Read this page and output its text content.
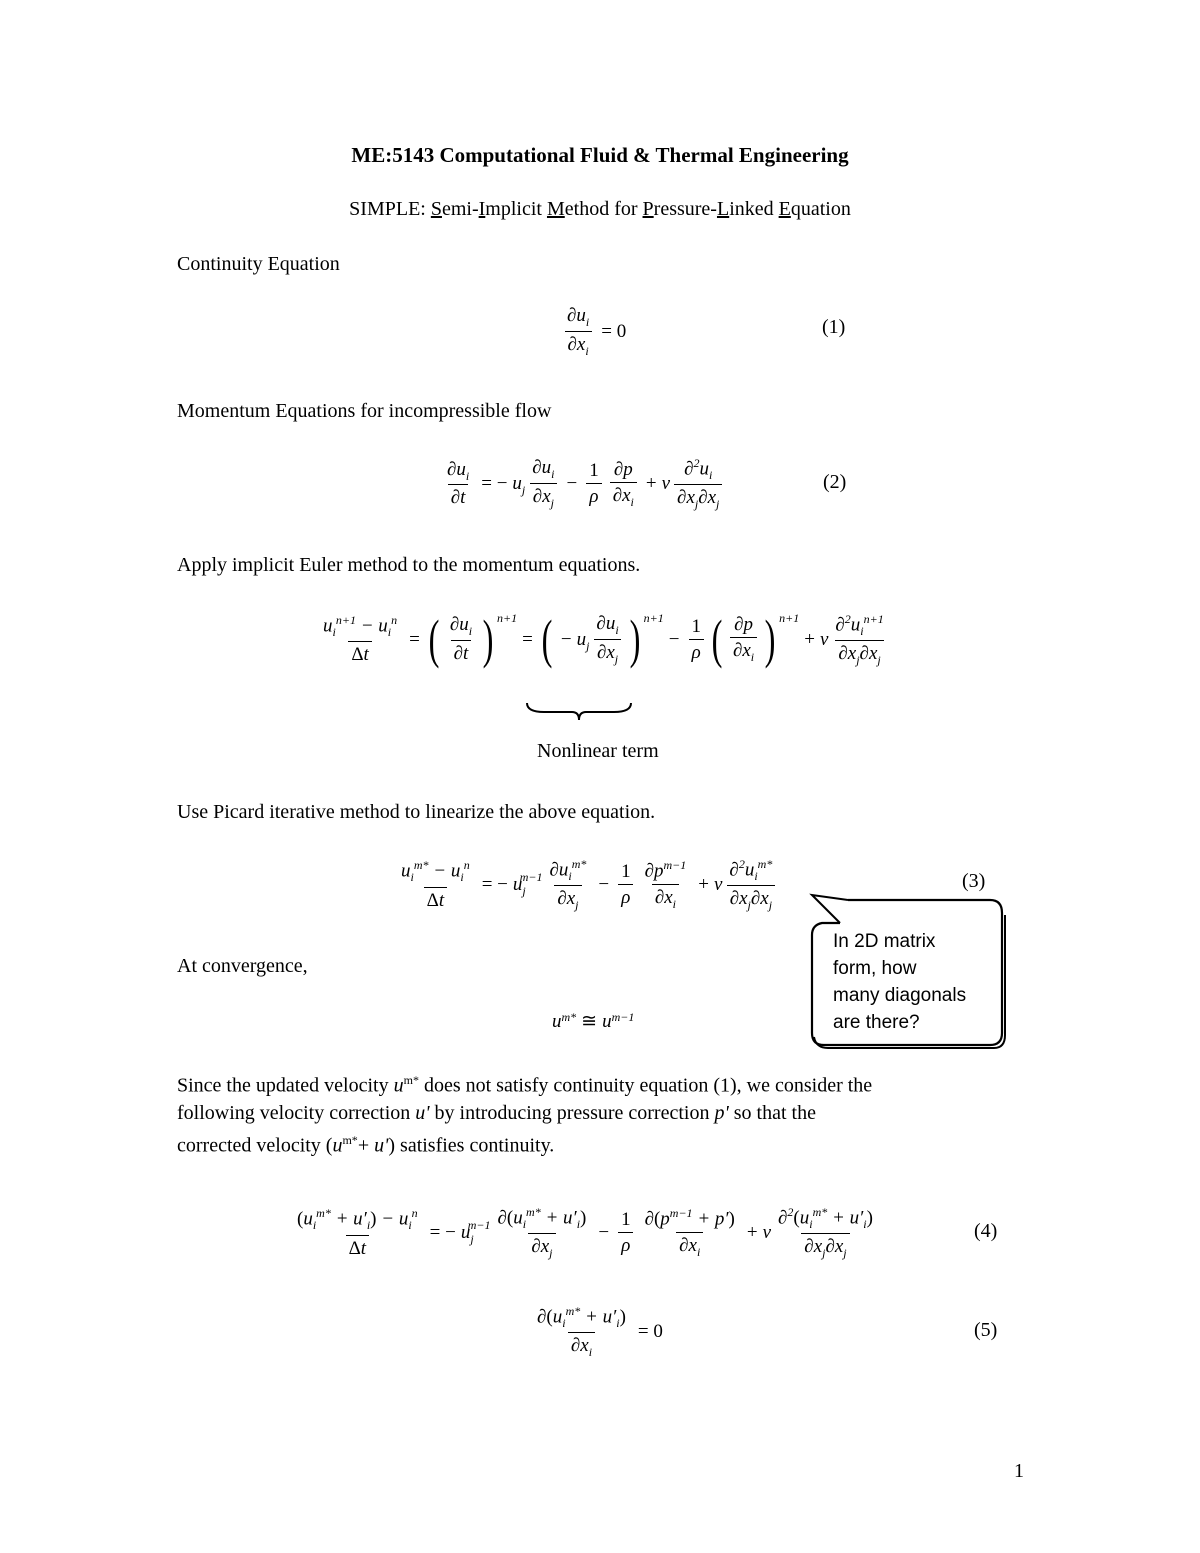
ME:5143 Computational Fluid & Thermal Engineering
SIMPLE: Semi-Implicit Method for Pressure-Linked Equation
Continuity Equation
$\frac{\partial u_i}{\partial x_i} = 0$	(1)
Momentum Equations for incompressible flow
$\frac{\partial u_i}{\partial t}$ = − $u_j \frac{\partial u_i}{\partial x_j} - \frac{1}{\rho} \frac{\partial p}{\partial x_i} + \nu \frac{\partial^2u_i}{\partial x_j\partial x_j}$	(2)
Apply implicit Euler method to the momentum equations.
$\frac{u_i^{n+1} - u_i^n}{\Delta t}$ = ( $\frac{\partial u_i}{\partial t}$ ) $^{n+1}$
= ( − $u_j \frac{\partial u_i}{\partial x_j}$ ) $^{n+1}$
− $\frac{1}{\rho}$ ( $\frac{\partial p}{\partial x_i}$ ) $^{n+1}$
+ ν $\frac{\partial^2u_i^{n+1}}{\partial x_j\partial x_j}$
Nonlinear term
Use Picard iterative method to linearize the above equation.
$\frac{u_i^{m*} - u_i^n}{\Delta t}$ = − $u_j$
$m-1 \frac{\partial u_i^{m*}}{\partial x_j} - \frac{1}{\rho} \frac{\partial p^{m-1}}{\partial x_i} + \nu \frac{\partial^2u_i^{m*}}{\partial x_j\partial x_j}$	(3)
In 2D matrix
form, how
many diagonals
are there?
At convergence,
$u^{m*}$ ≅ $u^{m-1}$
Since the updated velocity $u^{m*}$ does not satisfy continuity equation (1), we consider the
following velocity correction u' by introducing pressure correction p' so that the
corrected velocity $(u^{m*}+ u')$ satisfies continuity.
$\frac{(u_i^{m*} + u'_i) - u_i^n}{\Delta t}$ = − $u_j$
$m-1 \frac{\partial(u_i^{m*} + u'_i)}{\partial x_j} - \frac{1}{\rho} \frac{\partial(p^{m-1} + p')}{\partial x_i} + \nu \frac{\partial^2(u_i^{m*} + u'_i)}{\partial x_j\partial x_j}$	(4)
$\frac{\partial(u_i^{m*} + u'_i)}{\partial x_i} = 0$	(5)
1
